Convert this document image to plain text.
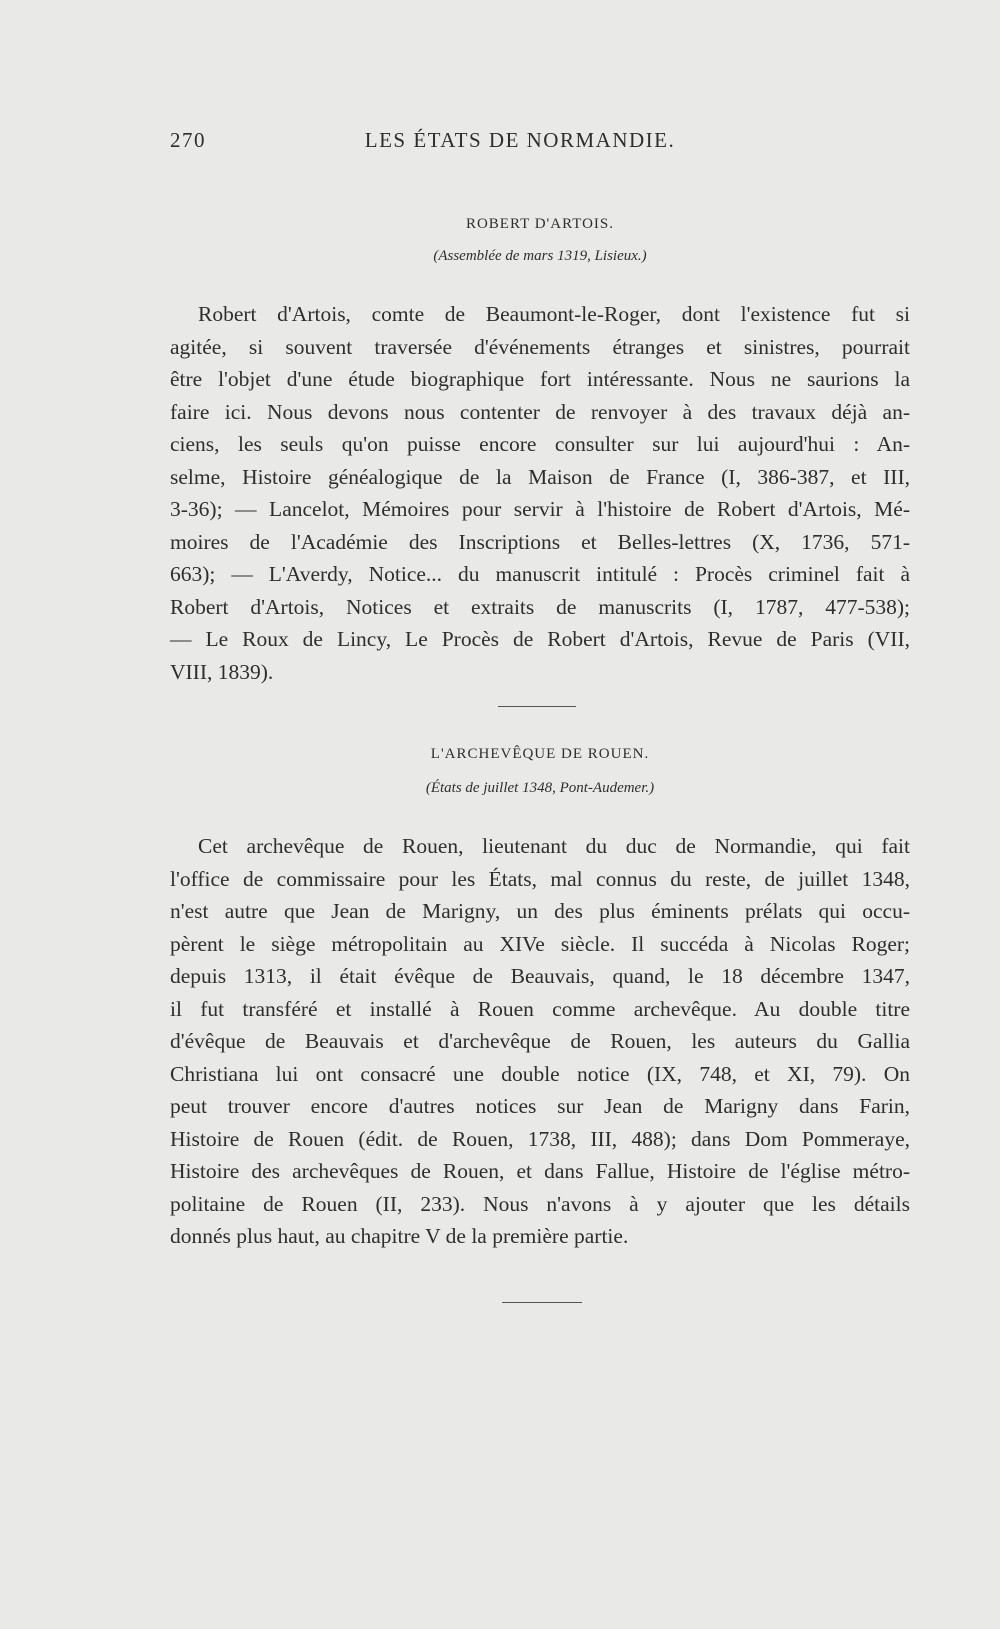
270	LES ÉTATS DE NORMANDIE.
ROBERT D'ARTOIS.
(Assemblée de mars 1319, Lisieux.)
Robert d'Artois, comte de Beaumont-le-Roger, dont l'existence fut si
agitée, si souvent traversée d'événements étranges et sinistres, pourrait
être l'objet d'une étude biographique fort intéressante. Nous ne saurions la
faire ici. Nous devons nous contenter de renvoyer à des travaux déjà an-
ciens, les seuls qu'on puisse encore consulter sur lui aujourd'hui : An-
selme, Histoire généalogique de la Maison de France (I, 386-387, et III,
3-36); — Lancelot, Mémoires pour servir à l'histoire de Robert d'Artois, Mé-
moires de l'Académie des Inscriptions et Belles-lettres (X, 1736, 571-
663); — L'Averdy, Notice... du manuscrit intitulé : Procès criminel fait à
Robert d'Artois, Notices et extraits de manuscrits (I, 1787, 477-538);
— Le Roux de Lincy, Le Procès de Robert d'Artois, Revue de Paris (VII,
VIII, 1839).
L'ARCHEVÊQUE DE ROUEN.
(États de juillet 1348, Pont-Audemer.)
Cet archevêque de Rouen, lieutenant du duc de Normandie, qui fait
l'office de commissaire pour les États, mal connus du reste, de juillet 1348,
n'est autre que Jean de Marigny, un des plus éminents prélats qui occu-
pèrent le siège métropolitain au XIVe siècle. Il succéda à Nicolas Roger;
depuis 1313, il était évêque de Beauvais, quand, le 18 décembre 1347,
il fut transféré et installé à Rouen comme archevêque. Au double titre
d'évêque de Beauvais et d'archevêque de Rouen, les auteurs du Gallia
Christiana lui ont consacré une double notice (IX, 748, et XI, 79). On
peut trouver encore d'autres notices sur Jean de Marigny dans Farin,
Histoire de Rouen (édit. de Rouen, 1738, III, 488); dans Dom Pommeraye,
Histoire des archevêques de Rouen, et dans Fallue, Histoire de l'église métro-
politaine de Rouen (II, 233). Nous n'avons à y ajouter que les détails
donnés plus haut, au chapitre V de la première partie.
